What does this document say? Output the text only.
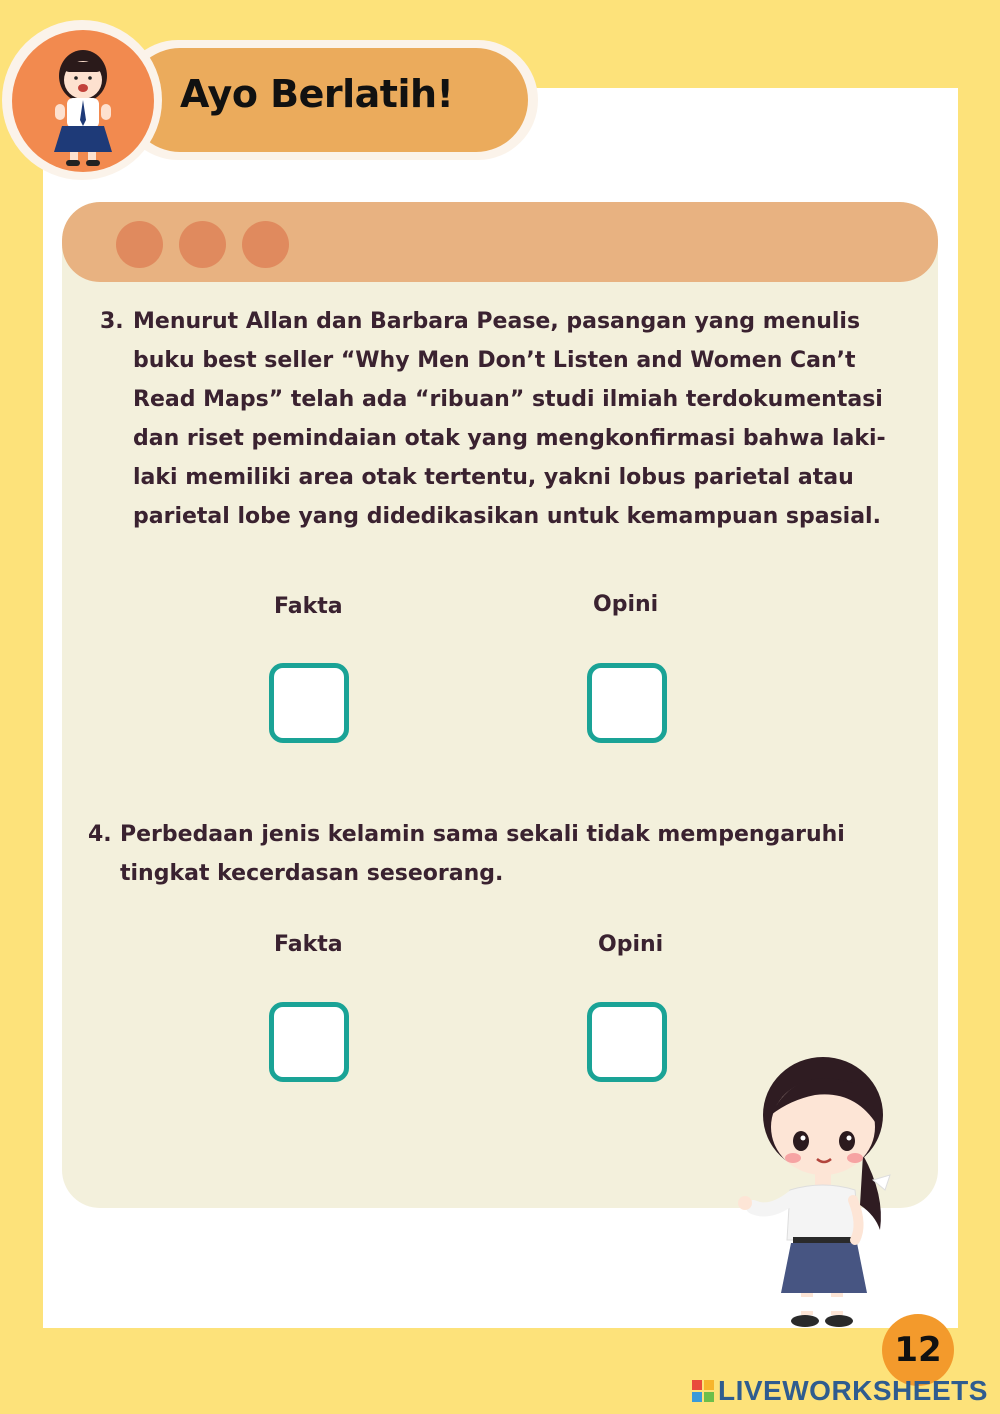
Ayo Berlatih!
3. Menurut Allan dan Barbara Pease, pasangan yang menulis buku best seller “Why Men Don’t Listen and Women Can’t Read Maps” telah ada “ribuan” studi ilmiah terdokumentasi dan riset pemindaian otak yang mengkonfirmasi bahwa laki-laki memiliki area otak tertentu, yakni lobus parietal atau parietal lobe yang didedikasikan untuk kemampuan spasial.
Fakta	Opini
4. Perbedaan jenis kelamin sama sekali tidak mempengaruhi tingkat kecerdasan seseorang.
Fakta	Opini
12
LIVEWORKSHEETS
